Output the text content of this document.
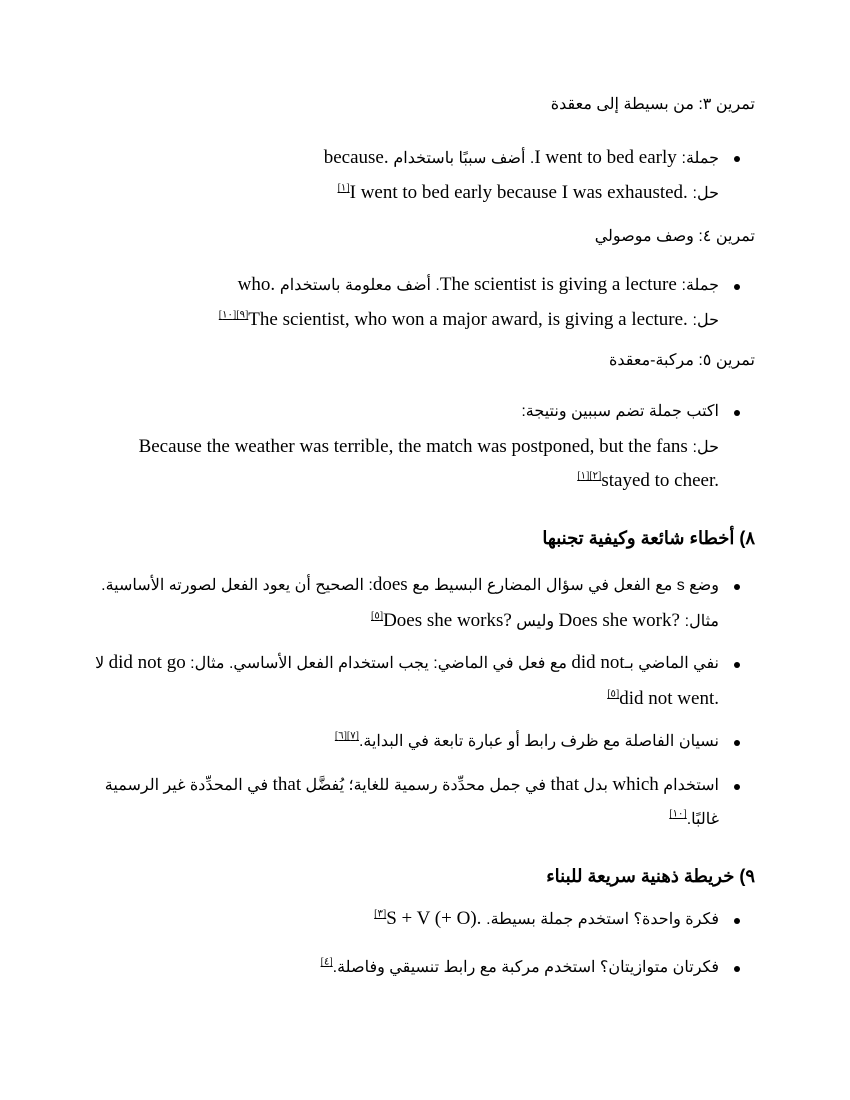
تمرين ٣: من بسيطة إلى معقدة
جملة: I went to bed early. أضف سببًا باستخدام because.
حل: I went to bed early because I was exhausted.[١]
تمرين ٤: وصف موصولي
جملة: The scientist is giving a lecture. أضف معلومة باستخدام who.
حل: The scientist, who won a major award, is giving a lecture.[٩][١٠]
تمرين ٥: مركبة-معقدة
اكتب جملة تضم سببين ونتيجة:
حل: Because the weather was terrible, the match was postponed, but the fans
stayed to cheer.[٢][١]
٨) أخطاء شائعة وكيفية تجنبها
وضع s مع الفعل في سؤال المضارع البسيط مع does: الصحيح أن يعود الفعل لصورته الأساسية.
مثال: Does she work? وليس Does she works?[٥]
نفي الماضي بـdid not مع فعل في الماضي: يجب استخدام الفعل الأساسي. مثال: did not go لا
did not went.[٥]
نسيان الفاصلة مع ظرف رابط أو عبارة تابعة في البداية.[٧][٦]
استخدام which بدل that في جمل محدِّدة رسمية للغاية؛ يُفضَّل that في المحدِّدة غير الرسمية
غالبًا.[١٠]
٩) خريطة ذهنية سريعة للبناء
فكرة واحدة؟ استخدم جملة بسيطة. S + V (+ O).[٣]
فكرتان متوازيتان؟ استخدم مركبة مع رابط تنسيقي وفاصلة.[٤]
